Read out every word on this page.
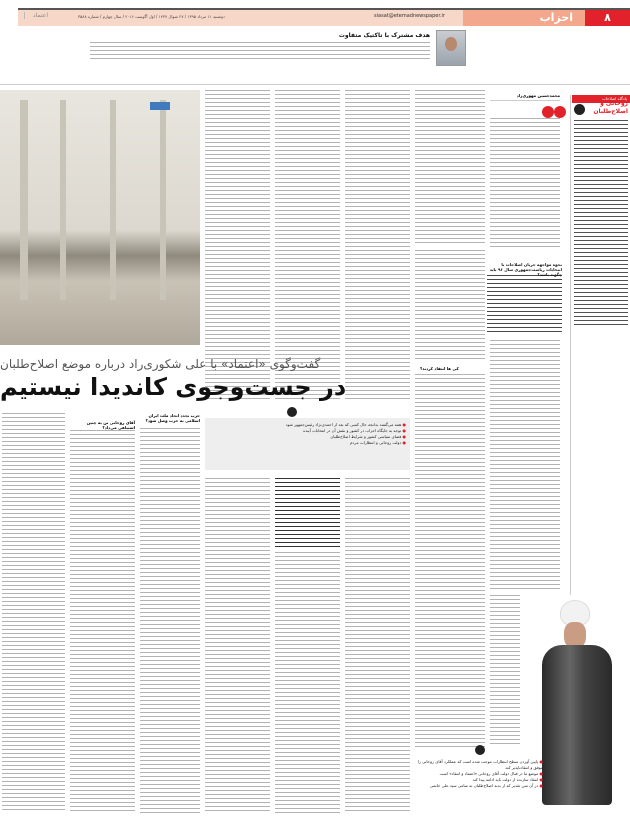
۸
احزاب
siasat@etemadnewspaper.ir
دوشنبه ۱۱ مرداد ۱۳۹۵ / ۲۷ شوال ۱۴۳۷ / اول آگوست ۲۰۱۶ / سال چهارم / شماره ۳۵۸۸
اعتماد
هدف مشترک با تاکتیک متفاوت
یادگاه اصلاحات
روحانی و اصلاح‌طلبان
محمدحسین مهوری‌زاد
نحوه مواجهه جریان اصلاحات با انتخابات ریاست‌جمهوری سال ۹۶ باید چگونه باشد؟
کی ها انتقاد کردند؟
گفت‌وگوی «اعتماد» با علی شکوری‌راد درباره موضع اصلاح‌طلبان
در جست‌وجوی کاندیدا نیستیم
● همه می‌گفتند بدانجه حال کسی که بعد از احمدی‌نژاد رئیس‌جمهور شود
● توجه به جایگاه احزاب در کشور و نقش آن در انتخابات آینده
● فضای سیاسی کشور و شرایط اصلاح‌طلبان
● دولت روحانی و انتظارات مردم
حزب تجدد اتحاد ملت ایران اسلامی به حزب وصل شود؟
آقای روحانی تن به چنین اشتباهی می‌داد؟
● پایین آوردن سطح انتظارات موجب شده است که عملکرد آقای روحانی را موفق و انتقادناپذیر کند
● موضع ما در قبال دولت آقای روحانی «اعتماد و انتقاد» است
● انتقاد سازنده از دولت باید ادامه پیدا کند
● در آن سن تقدیر که از بدنه اصلاح‌طلبان به سامی سید علی خاتمی
